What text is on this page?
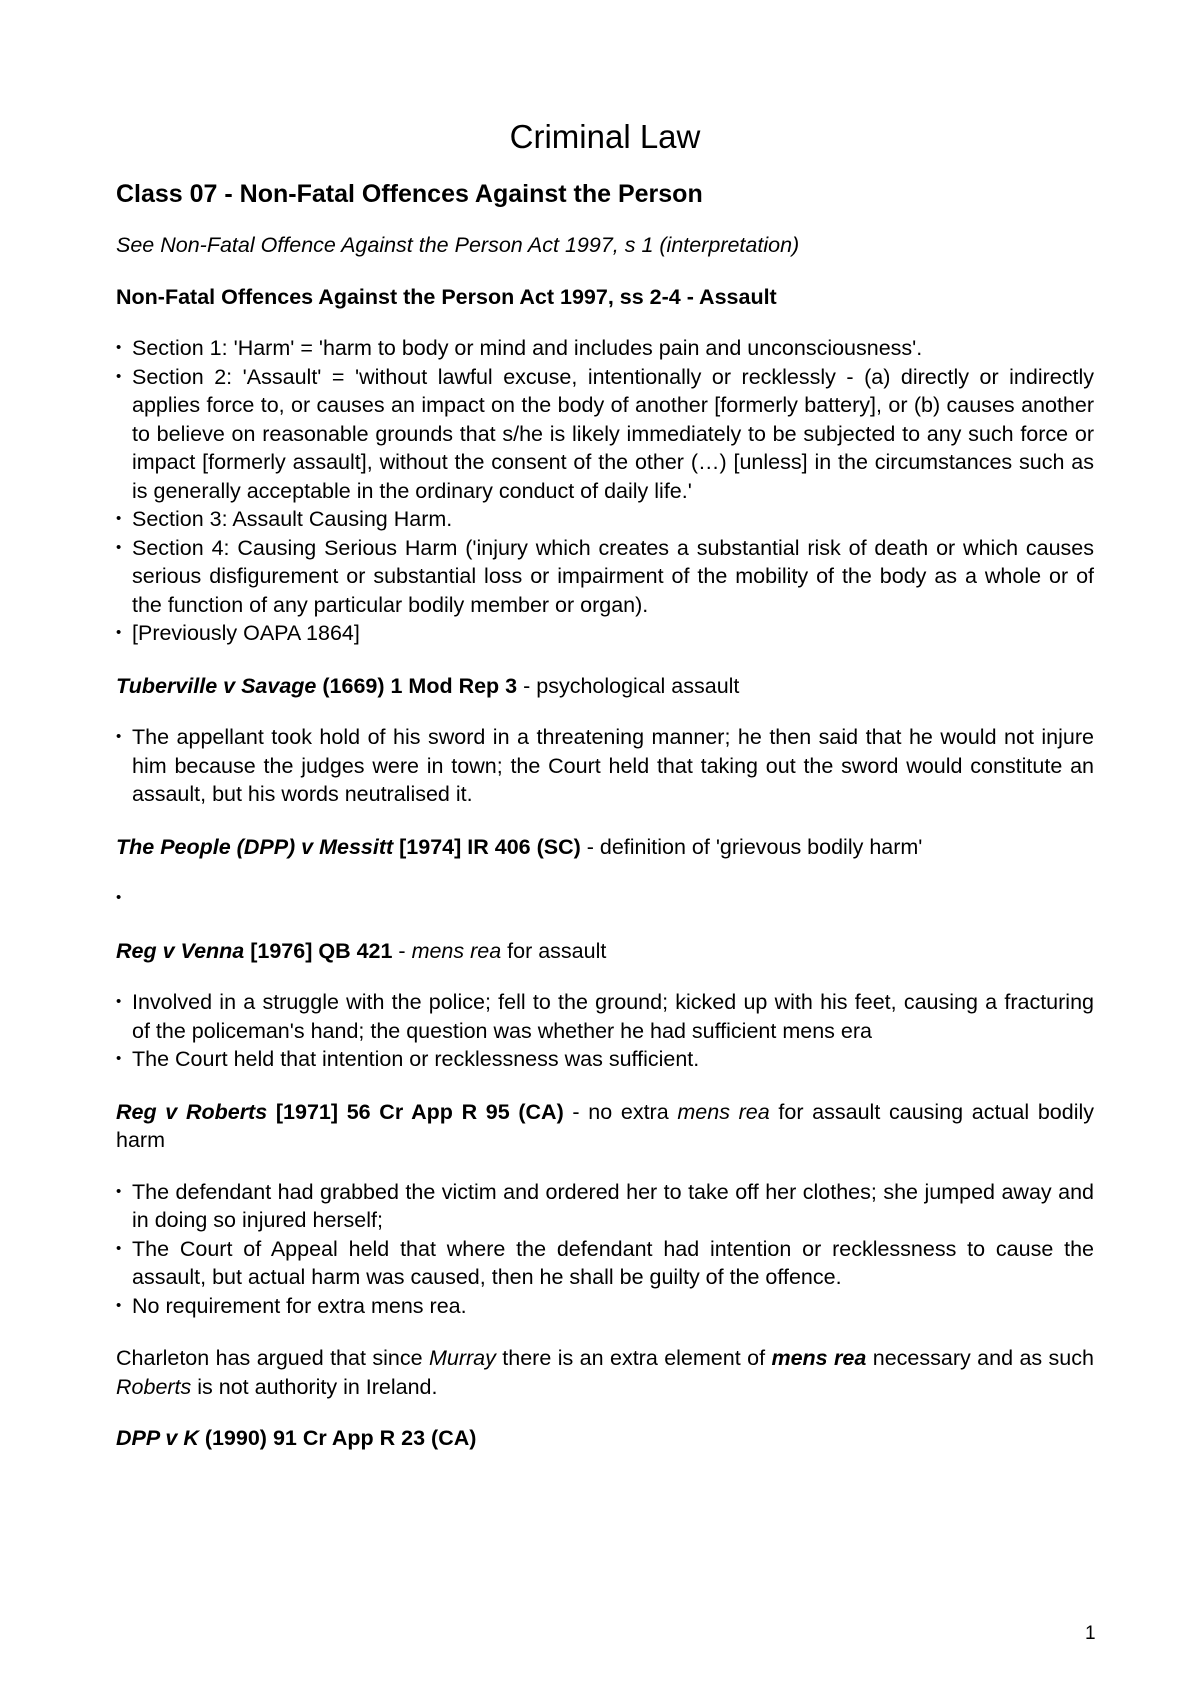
Criminal Law
Class 07 - Non-Fatal Offences Against the Person

See Non-Fatal Offence Against the Person Act 1997, s 1 (interpretation)

Non-Fatal Offences Against the Person Act 1997, ss 2-4 - Assault

• Section 1: 'Harm' = 'harm to body or mind and includes pain and unconsciousness'.
• Section 2: 'Assault' = 'without lawful excuse, intentionally or recklessly - (a) directly or indirectly applies force to, or causes an impact on the body of another [formerly battery], or (b) causes another to believe on reasonable grounds that s/he is likely immediately to be subjected to any such force or impact [formerly assault], without the consent of the other (…) [unless] in the circumstances such as is generally acceptable in the ordinary conduct of daily life.'
• Section 3: Assault Causing Harm.
• Section 4: Causing Serious Harm ('injury which creates a substantial risk of death or which causes serious disfigurement or substantial loss or impairment of the mobility of the body as a whole or of the function of any particular bodily member or organ).
• [Previously OAPA 1864]

Tuberville v Savage (1669) 1 Mod Rep 3 - psychological assault

• The appellant took hold of his sword in a threatening manner; he then said that he would not injure him because the judges were in town; the Court held that taking out the sword would constitute an assault, but his words neutralised it.

The People (DPP) v Messitt [1974] IR 406 (SC) - definition of 'grievous bodily harm'

•

Reg v Venna [1976] QB 421 - mens rea for assault

• Involved in a struggle with the police; fell to the ground; kicked up with his feet, causing a fracturing of the policeman's hand; the question was whether he had sufficient mens era
• The Court held that intention or recklessness was sufficient.

Reg v Roberts [1971] 56 Cr App R 95 (CA) - no extra mens rea for assault causing actual bodily harm

• The defendant had grabbed the victim and ordered her to take off her clothes; she jumped away and in doing so injured herself;
• The Court of Appeal held that where the defendant had intention or recklessness to cause the assault, but actual harm was caused, then he shall be guilty of the offence.
• No requirement for extra mens rea.

Charleton has argued that since Murray there is an extra element of mens rea necessary and as such Roberts is not authority in Ireland.

DPP v K (1990) 91 Cr App R 23 (CA)

1
